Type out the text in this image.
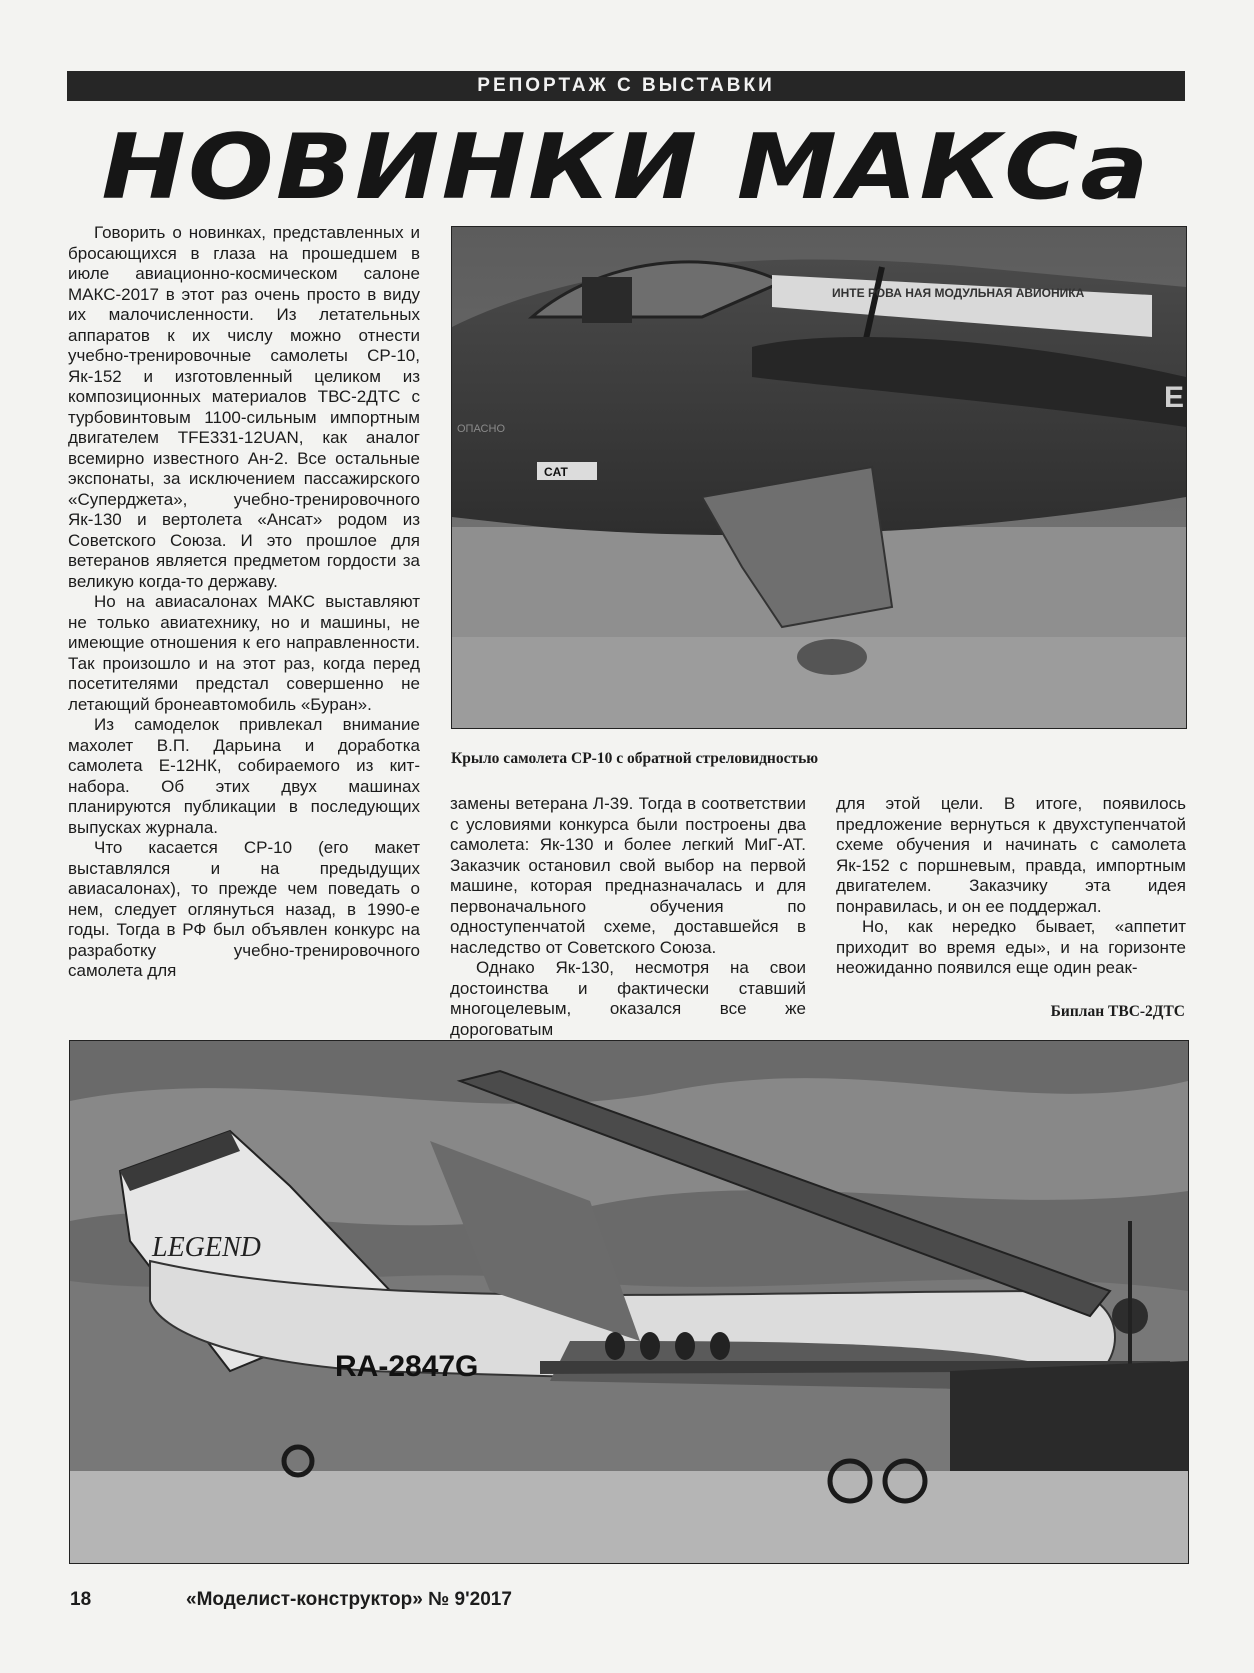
РЕПОРТАЖ С ВЫСТАВКИ
НОВИНКИ МАКСа

Говорить о новинках, представленных и бросающихся в глаза на прошедшем в июле авиационно-космическом салоне МАКС-2017 в этот раз очень просто в виду их малочисленности. Из летательных аппаратов к их числу можно отнести учебно-тренировочные самолеты СР-10, Як-152 и изготовленный целиком из композиционных материалов ТВС-2ДТС с турбовинтовым 1100-сильным импортным двигателем TFE331-12UAN, как аналог всемирно известного Ан-2. Все остальные экспонаты, за исключением пассажирского «Суперджета», учебно-тренировочного Як-130 и вертолета «Ансат» родом из Советского Союза. И это прошлое для ветеранов является предметом гордости за великую когда-то державу.

Но на авиасалонах МАКС выставляют не только авиатехнику, но и машины, не имеющие отношения к его направленности. Так произошло и на этот раз, когда перед посетителями предстал совершенно не летающий бронеавтомобиль «Буран».

Из самоделок привлекал внимание махолет В.П. Дарьина и доработка самолета Е-12НК, собираемого из кит-набора. Об этих двух машинах планируются публикации в последующих выпусках журнала.

Что касается СР-10 (его макет выставлялся и на предыдущих авиасалонах), то прежде чем поведать о нем, следует оглянуться назад, в 1990-е годы. Тогда в РФ был объявлен конкурс на разработку учебно-тренировочного самолета для

ИНТЕ РОВА НАЯ МОДУЛЬНАЯ АВИОНИКА
ОПАСНО
CAT
E
Крыло самолета СР-10 с обратной стреловидностью

замены ветерана Л-39. Тогда в соответствии с условиями конкурса были построены два самолета: Як-130 и более легкий МиГ-АТ. Заказчик остановил свой выбор на первой машине, которая предназначалась и для первоначального обучения по одноступенчатой схеме, доставшейся в наследство от Советского Союза.

Однако Як-130, несмотря на свои достоинства и фактически ставший многоцелевым, оказался все же дороговатым

для этой цели. В итоге, появилось предложение вернуться к двухступенчатой схеме обучения и начинать с самолета Як-152 с поршневым, правда, импортным двигателем. Заказчику эта идея понравилась, и он ее поддержал.

Но, как нередко бывает, «аппетит приходит во время еды», и на горизонте неожиданно появился еще один реак-

Биплан ТВС-2ДТС
RA-2847G
LEGEND
18	«Моделист-конструктор» № 9'2017
